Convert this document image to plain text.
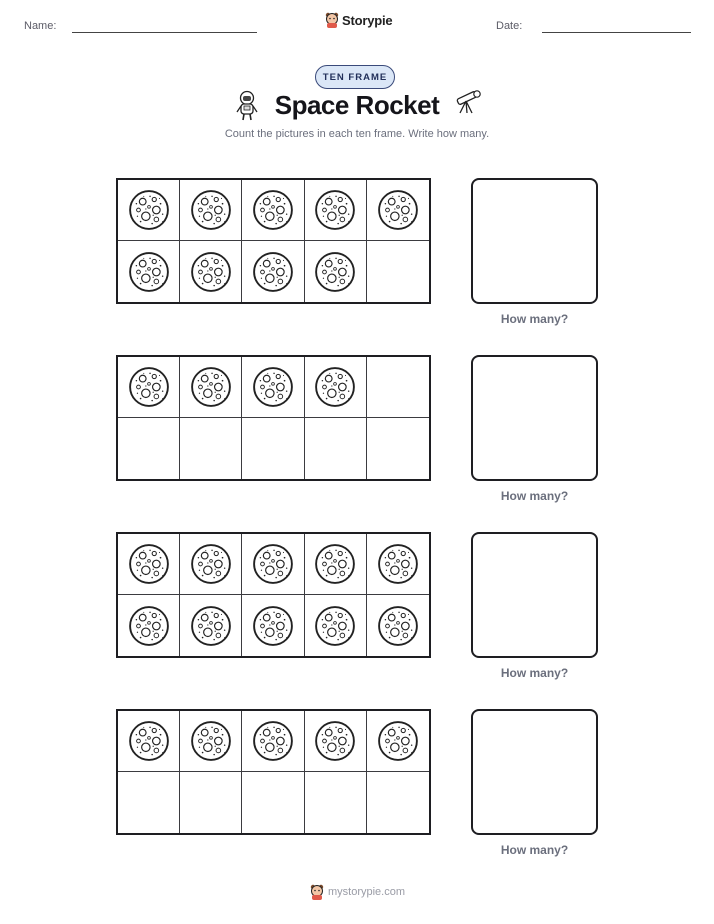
Name:	Storypie	Date:
TEN FRAME
Space Rocket
Count the pictures in each ten frame. Write how many.
How many?
How many?
How many?
How many?
mystorypie.com
